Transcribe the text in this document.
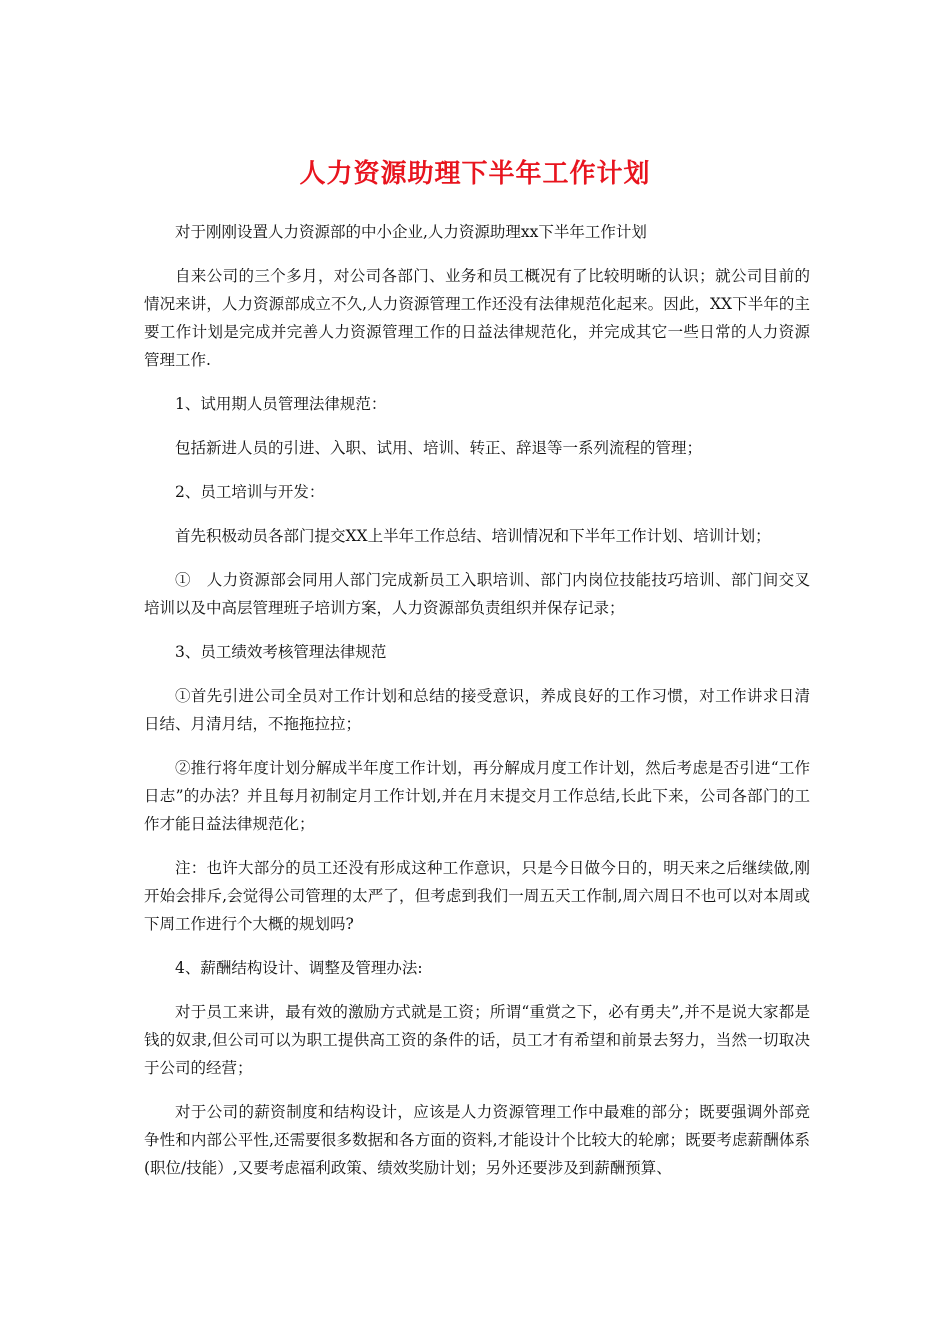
人力资源助理下半年工作计划

对于刚刚设置人力资源部的中小企业,人力资源助理xx下半年工作计划

自来公司的三个多月，对公司各部门、业务和员工概况有了比较明晰的认识；就公司目前的情况来讲，人力资源部成立不久,人力资源管理工作还没有法律规范化起来。因此，XX下半年的主要工作计划是完成并完善人力资源管理工作的日益法律规范化，并完成其它一些日常的人力资源管理工作.

1、试用期人员管理法律规范：

包括新进人员的引进、入职、试用、培训、转正、辞退等一系列流程的管理；

2、员工培训与开发：

首先积极动员各部门提交XX上半年工作总结、培训情况和下半年工作计划、培训计划；

①　人力资源部会同用人部门完成新员工入职培训、部门内岗位技能技巧培训、部门间交叉培训以及中高层管理班子培训方案，人力资源部负责组织并保存记录；

3、员工绩效考核管理法律规范

①首先引进公司全员对工作计划和总结的接受意识，养成良好的工作习惯，对工作讲求日清日结、月清月结，不拖拖拉拉；

②推行将年度计划分解成半年度工作计划，再分解成月度工作计划，然后考虑是否引进“工作日志”的办法？并且每月初制定月工作计划,并在月末提交月工作总结,长此下来，公司各部门的工作才能日益法律规范化；

注：也许大部分的员工还没有形成这种工作意识，只是今日做今日的，明天来之后继续做,刚开始会排斥,会觉得公司管理的太严了，但考虑到我们一周五天工作制,周六周日不也可以对本周或下周工作进行个大概的规划吗?

4、薪酬结构设计、调整及管理办法:

对于员工来讲，最有效的激励方式就是工资；所谓“重赏之下，必有勇夫”,并不是说大家都是钱的奴隶,但公司可以为职工提供高工资的条件的话，员工才有希望和前景去努力，当然一切取决于公司的经营；

对于公司的薪资制度和结构设计，应该是人力资源管理工作中最难的部分；既要强调外部竞争性和内部公平性,还需要很多数据和各方面的资料,才能设计个比较大的轮廓；既要考虑薪酬体系(职位/技能）,又要考虑福利政策、绩效奖励计划；另外还要涉及到薪酬预算、
